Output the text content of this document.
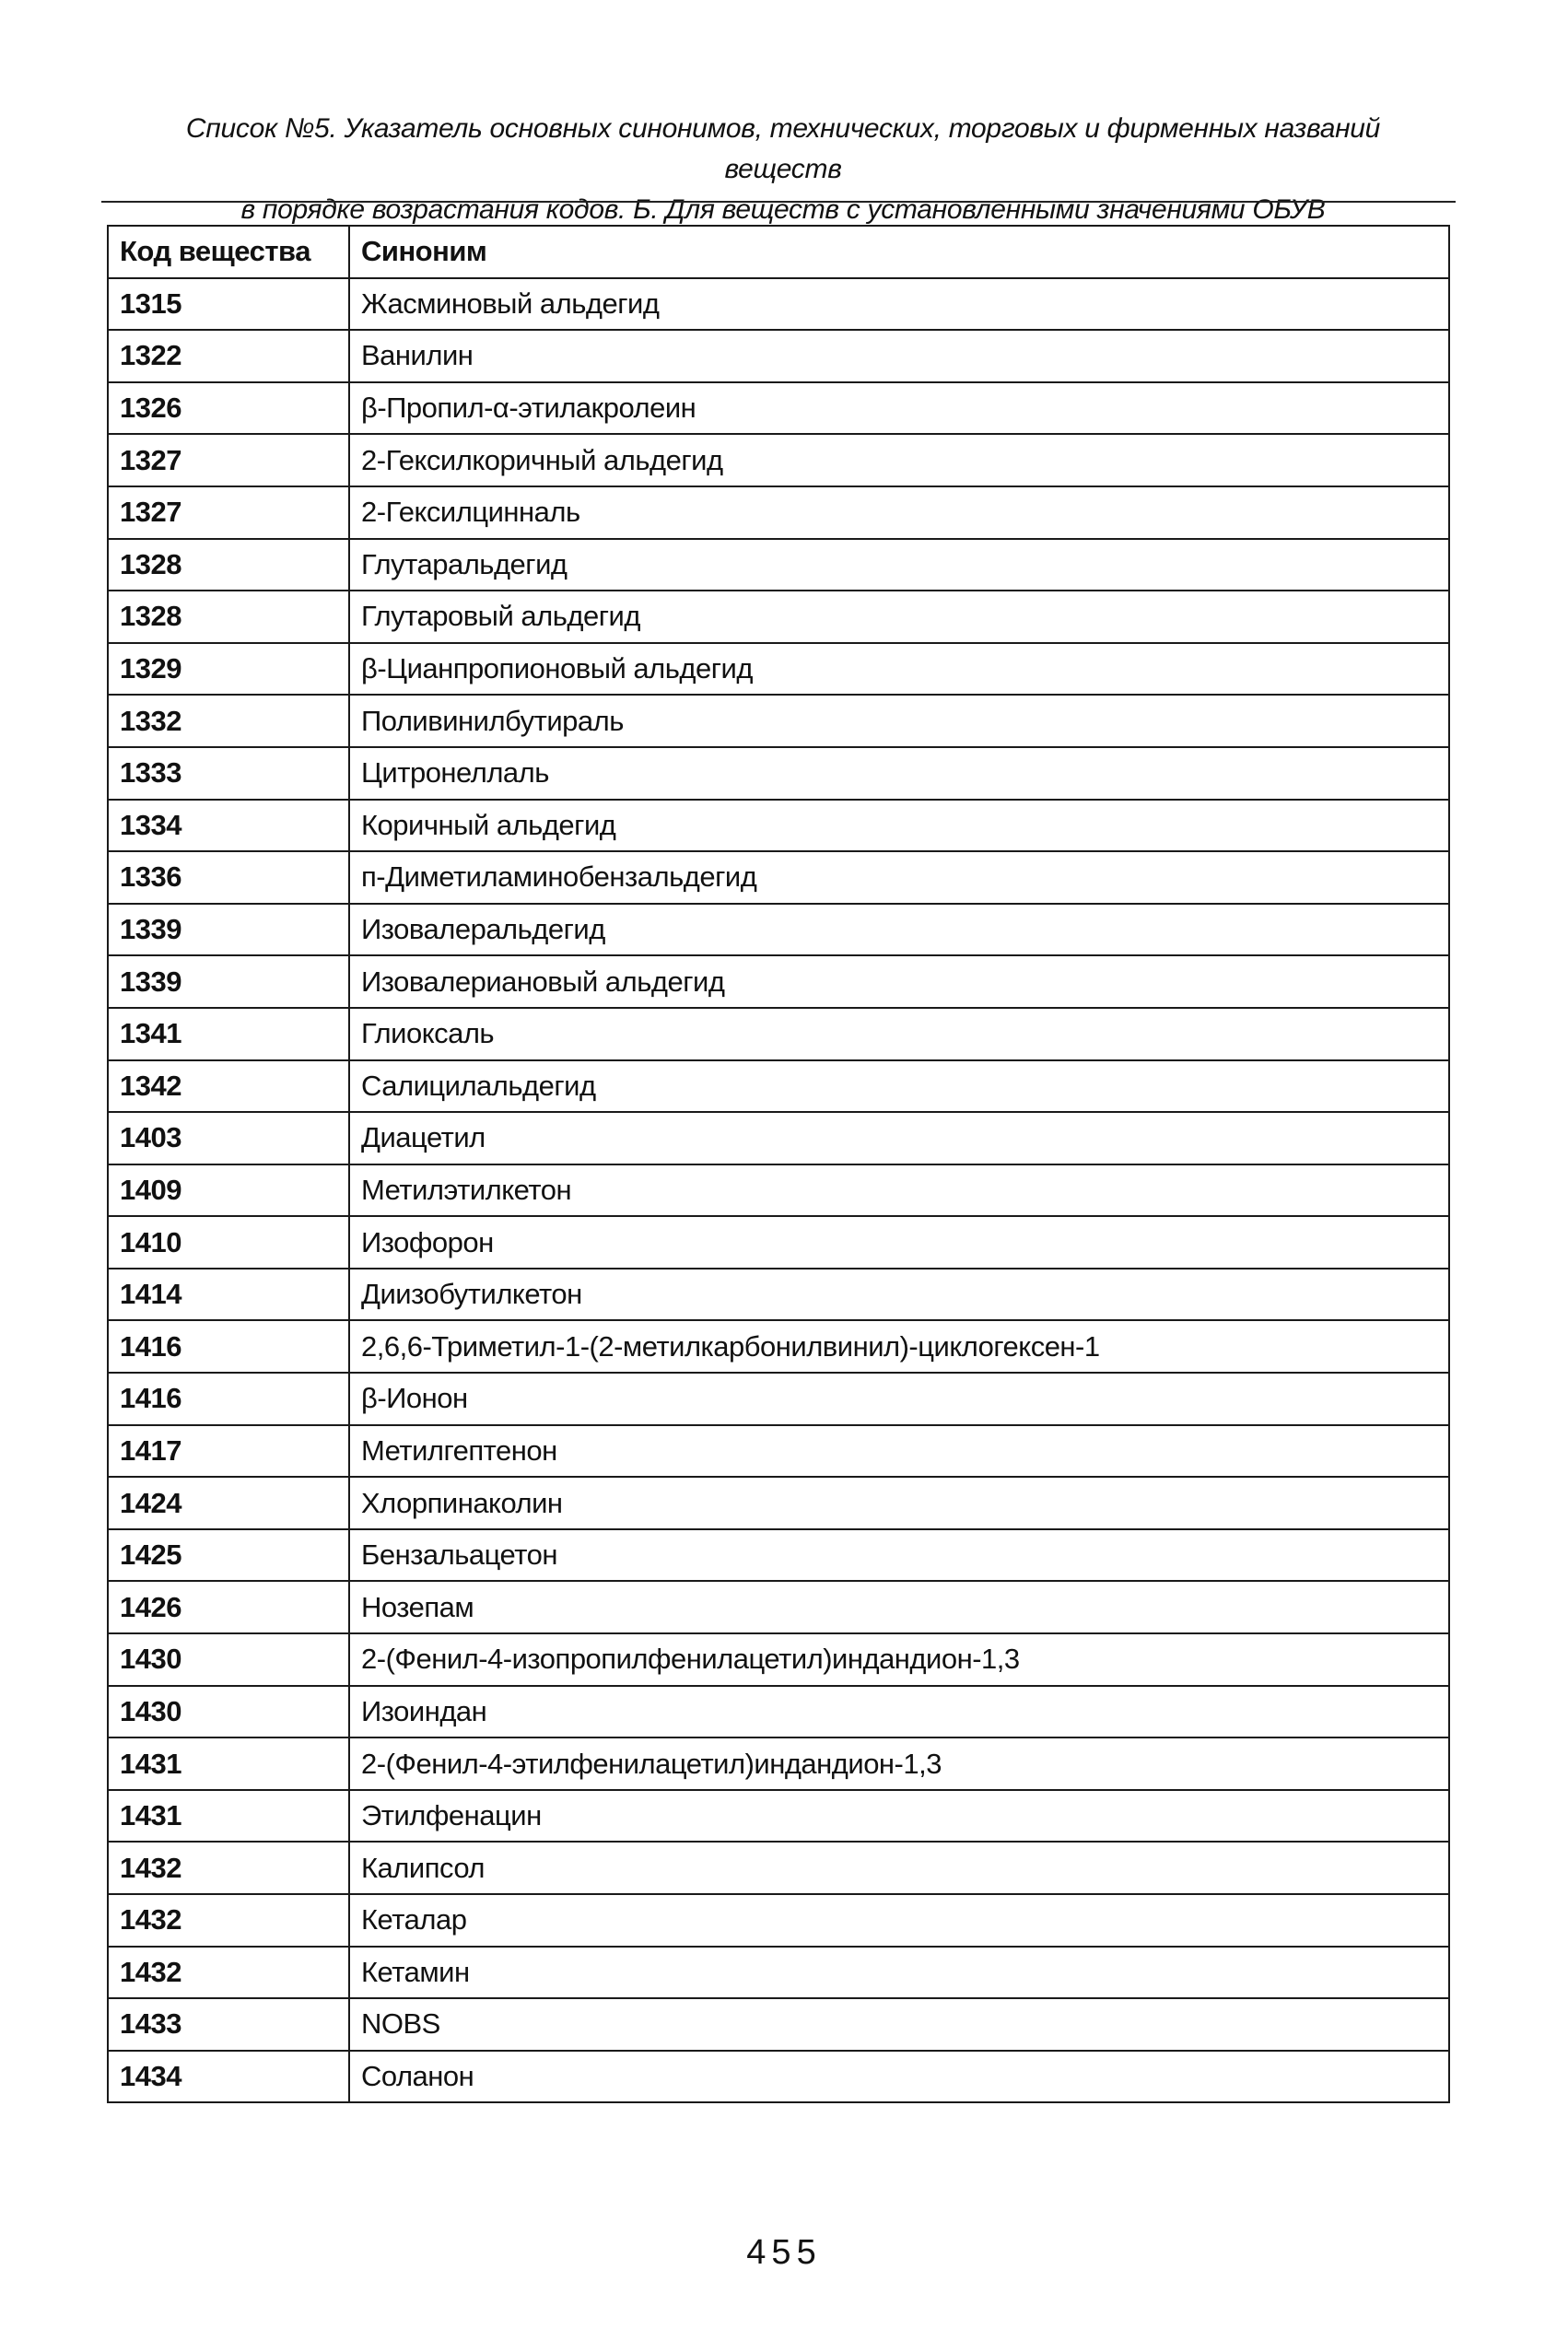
Список №5. Указатель основных синонимов, технических, торговых и фирменных названий веществ
в порядке возрастания кодов. Б. Для веществ с установленными значениями ОБУВ
Код вещества	Синоним
1315	Жасминовый альдегид
1322	Ванилин
1326	β-Пропил-α-этилакролеин
1327	2-Гексилкоричный альдегид
1327	2-Гексилцинналь
1328	Глутаральдегид
1328	Глутаровый альдегид
1329	β-Цианпропионовый альдегид
1332	Поливинилбутираль
1333	Цитронеллаль
1334	Коричный альдегид
1336	п-Диметиламинобензальдегид
1339	Изовалеральдегид
1339	Изовалериановый альдегид
1341	Глиоксаль
1342	Салицилальдегид
1403	Диацетил
1409	Метилэтилкетон
1410	Изофорон
1414	Диизобутилкетон
1416	2,6,6-Триметил-1-(2-метилкарбонилвинил)-циклогексен-1
1416	β-Ионон
1417	Метилгептенон
1424	Хлорпинаколин
1425	Бензальацетон
1426	Нозепам
1430	2-(Фенил-4-изопропилфенилацетил)индандион-1,3
1430	Изоиндан
1431	2-(Фенил-4-этилфенилацетил)индандион-1,3
1431	Этилфенацин
1432	Калипсол
1432	Кеталар
1432	Кетамин
1433	NOBS
1434	Соланон
455
